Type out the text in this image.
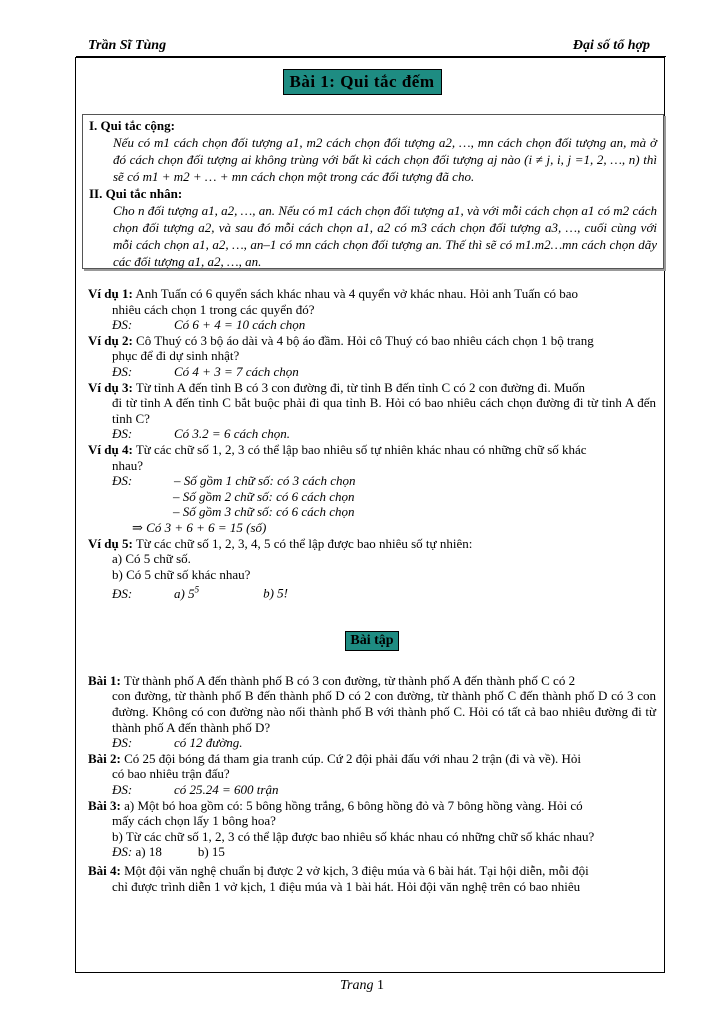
Trần Sĩ Tùng	Đại số tổ hợp
Bài 1: Qui tắc đếm
I. Qui tắc cộng:
Nếu có m1 cách chọn đối tượng a1, m2 cách chọn đối tượng a2, …, mn cách chọn đối tượng an, mà ở đó cách chọn đối tượng ai không trùng với bất kì cách chọn đối tượng aj nào (i ≠ j, i, j =1, 2, …, n) thì sẽ có m1 + m2 + … + mn cách chọn một trong các đối tượng đã cho.
II. Qui tắc nhân:
Cho n đối tượng a1, a2, …, an. Nếu có m1 cách chọn đối tượng a1, và với mỗi cách chọn a1 có m2 cách chọn đối tượng a2, và sau đó mỗi cách chọn a1, a2 có m3 cách chọn đối tượng a3, …, cuối cùng với mỗi cách chọn a1, a2, …, an–1 có mn cách chọn đối tượng an. Thế thì sẽ có m1.m2…mn cách chọn dãy các đối tượng a1, a2, …, an.
Ví dụ 1: Anh Tuấn có 6 quyển sách khác nhau và 4 quyển vở khác nhau. Hỏi anh Tuấn có bao
nhiêu cách chọn 1 trong các quyển đó?
ĐS:	Có 6 + 4 = 10 cách chọn
Ví dụ 2: Cô Thuý có 3 bộ áo dài và 4 bộ áo đầm. Hỏi cô Thuý có bao nhiêu cách chọn 1 bộ trang
phục để đi dự sinh nhật?
ĐS:	Có 4 + 3 = 7 cách chọn
Ví dụ 3: Từ tỉnh A đến tỉnh B có 3 con đường đi, từ tỉnh B đến tỉnh C có 2 con đường đi. Muốn
đi từ tỉnh A đến tỉnh C bắt buộc phải đi qua tỉnh B. Hỏi có bao nhiêu cách chọn đường đi từ tỉnh A đến tỉnh C?
ĐS:	Có 3.2 = 6 cách chọn.
Ví dụ 4: Từ các chữ số 1, 2, 3 có thể lập bao nhiêu số tự nhiên khác nhau có những chữ số khác
nhau?
ĐS:	– Số gồm 1 chữ số: có 3 cách chọn
– Số gồm 2 chữ số: có 6 cách chọn
– Số gồm 3 chữ số: có 6 cách chọn
⇒ Có 3 + 6 + 6 = 15 (số)
Ví dụ 5: Từ các chữ số 1, 2, 3, 4, 5 có thể lập được bao nhiêu số tự nhiên:
a) Có 5 chữ số.
b) Có 5 chữ số khác nhau?
ĐS:	a) $5^5$	b) 5!
Bài tập
Bài 1: Từ thành phố A đến thành phố B có 3 con đường, từ thành phố A đến thành phố C có 2
con đường, từ thành phố B đến thành phố D có 2 con đường, từ thành phố C đến thành phố D có 3 con đường. Không có con đường nào nối thành phố B với thành phố C. Hỏi có tất cả bao nhiêu đường đi từ thành phố A đến thành phố D?
ĐS:	có 12 đường.
Bài 2: Có 25 đội bóng đá tham gia tranh cúp. Cứ 2 đội phải đấu với nhau 2 trận (đi và về). Hỏi
có bao nhiêu trận đấu?
ĐS:	có 25.24 = 600 trận
Bài 3: a) Một bó hoa gồm có: 5 bông hồng trắng, 6 bông hồng đỏ và 7 bông hồng vàng. Hỏi có
mấy cách chọn lấy 1 bông hoa?
b) Từ các chữ số 1, 2, 3 có thể lập được bao nhiêu số khác nhau có những chữ số khác nhau?
ĐS: a) 18	b) 15
Bài 4: Một đội văn nghệ chuẩn bị được 2 vở kịch, 3 điệu múa và 6 bài hát. Tại hội diễn, mỗi đội
chỉ được trình diễn 1 vở kịch, 1 điệu múa và 1 bài hát. Hỏi đội văn nghệ trên có bao nhiêu
Trang 1
